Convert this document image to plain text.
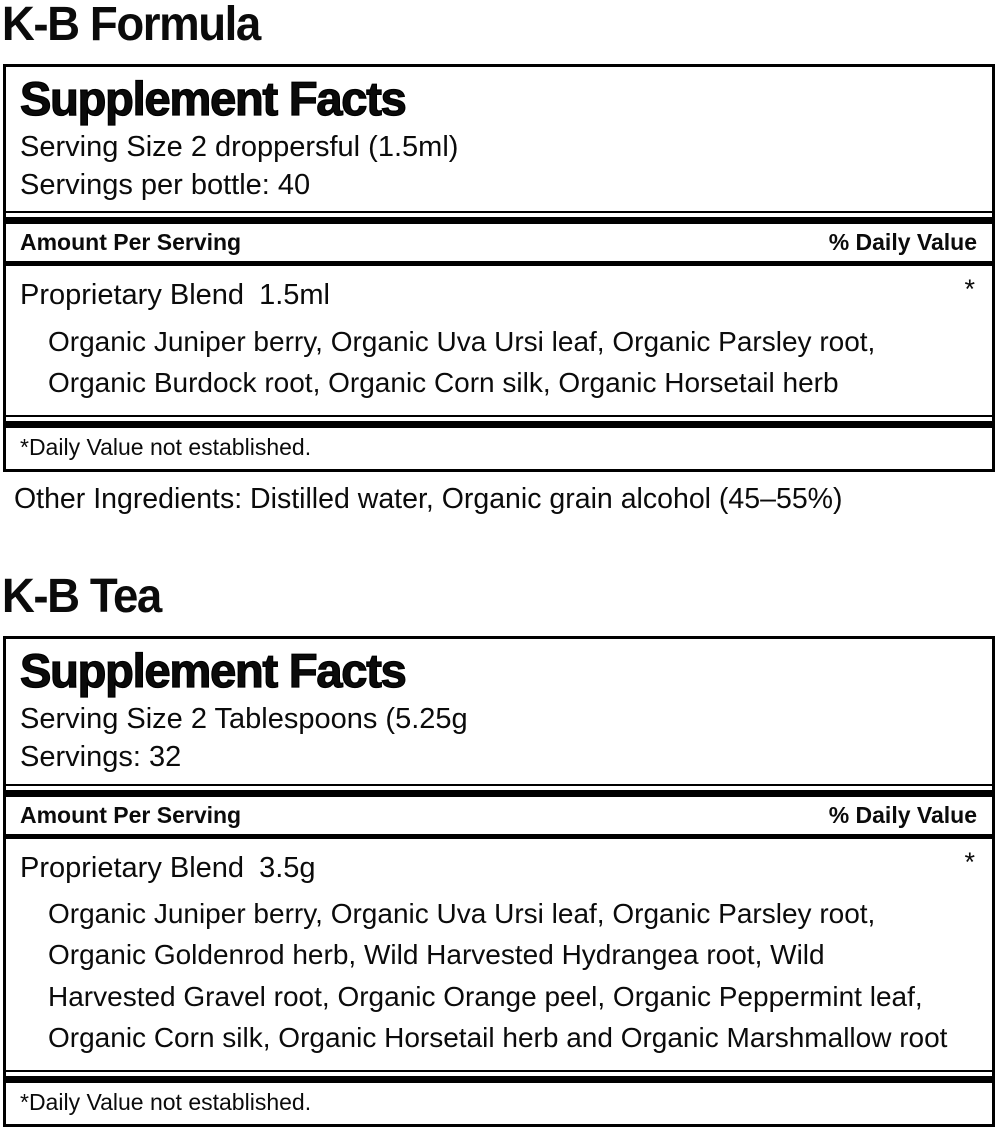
K-B Formula
Supplement Facts
Serving Size 2 droppersful (1.5ml)
Servings per bottle: 40
Amount Per Serving	% Daily Value
Proprietary Blend 1.5ml	*
Organic Juniper berry, Organic Uva Ursi leaf, Organic Parsley root, Organic Burdock root, Organic Corn silk, Organic Horsetail herb
*Daily Value not established.
Other Ingredients: Distilled water, Organic grain alcohol (45–55%)
K-B Tea
Supplement Facts
Serving Size 2 Tablespoons (5.25g
Servings: 32
Amount Per Serving	% Daily Value
Proprietary Blend 3.5g	*
Organic Juniper berry, Organic Uva Ursi leaf, Organic Parsley root, Organic Goldenrod herb, Wild Harvested Hydrangea root, Wild Harvested Gravel root, Organic Orange peel, Organic Peppermint leaf, Organic Corn silk, Organic Horsetail herb and Organic Marshmallow root
*Daily Value not established.
